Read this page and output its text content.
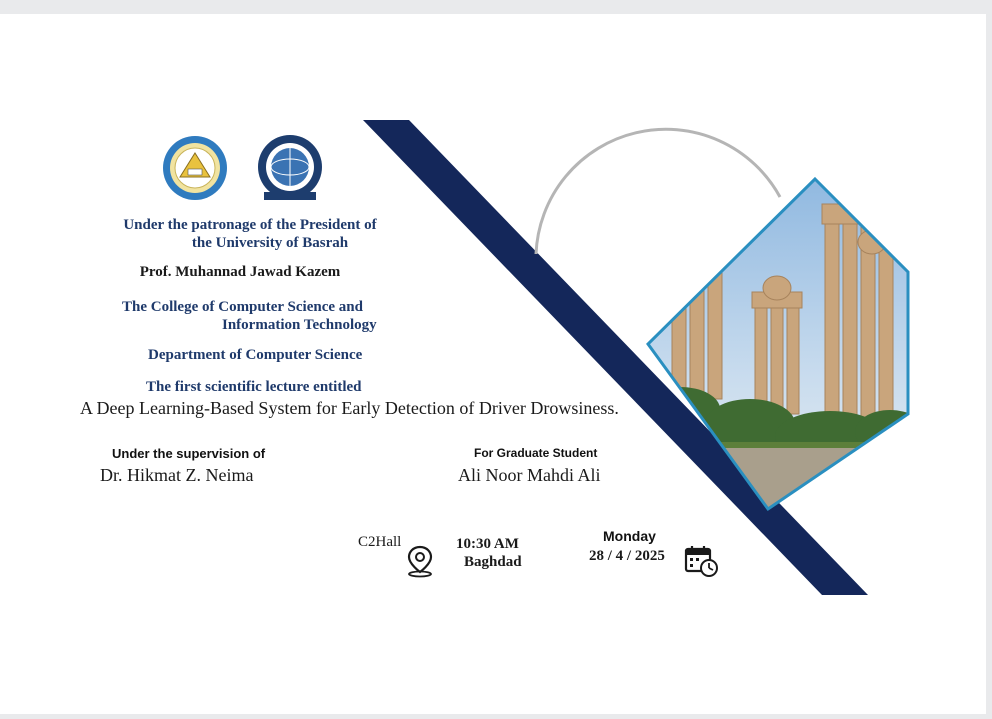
Under the patronage of the President of
the University of Basrah
Prof. Muhannad Jawad Kazem
The College of Computer Science and
Information Technology
Department of Computer Science
The first scientific lecture entitled
A Deep Learning-Based System for Early Detection of Driver Drowsiness.
Under the supervision of
Dr. Hikmat Z. Neima
For Graduate Student
Ali Noor Mahdi Ali
C2Hall	10:30 AM
Baghdad
Monday
28 / 4 / 2025
